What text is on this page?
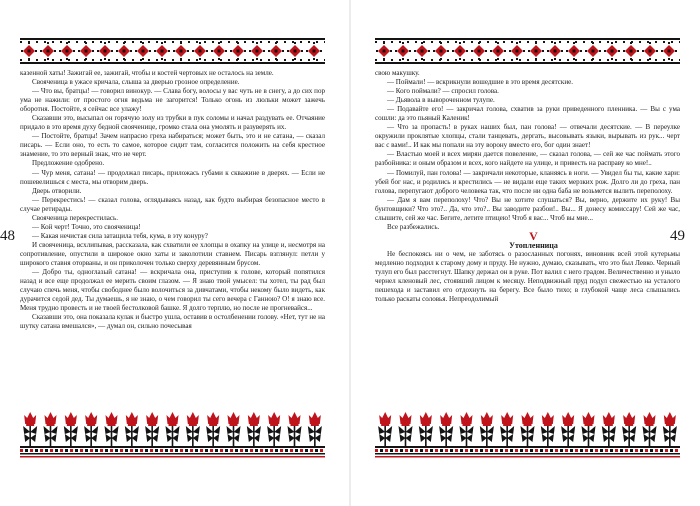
48	49

казенной хаты! Зажигай ее, зажигай, чтобы и костей чертовых не осталось на земле.

Свояченица в ужасе кричала, слыша за дверью грозное определение.

— Что вы, братцы! — говорил винокур. — Слава богу, волосы у вас чуть не в снегу, а до сих пор ума не нажили: от простого огня ведьма не загорится! Только огонь из люльки может зажечь оборотня. Постойте, я сейчас все улажу!

Сказавши это, высыпал он горячую золу из трубки в пук соломы и начал раздувать ее. Отчаяние придало в это время духу бедной свояченице, громко стала она умолять и разуверять их.

— Постойте, братцы! Зачем напрасно греха набираться; может быть, это и не сатана, — сказал писарь. — Если оно, то есть то самое, которое сидит там, согласится положить на себя крестное знамение, то это верный знак, что не черт.

Предложение одобрено.

— Чур меня, сатана! — продолжал писарь, приложась губами к скважине в дверях. — Если не пошевелишься с места, мы отворим дверь.

Дверь отворили.

— Перекрестись! — сказал голова, оглядываясь назад, как будто выбирая безопасное место в случае ретирады.

Свояченица перекрестилась.

— Кой черт! Точно, это свояченица!

— Какая нечистая сила затащила тебя, кума, в эту конуру?

И свояченица, всхлипывая, рассказала, как схватили ее хлопцы в охапку на улице и, несмотря на сопротивление, опустили в широкое окно хаты и заколотили ставнем. Писарь взглянул: петли у широкого ставня оторваны, и он приколочен только сверху деревянным брусом.

— Добро ты, одноглазый сатана! — вскричала она, приступив к голове, который попятился назад и все еще продолжал ее мерить своим глазом. — Я знаю твой умысел: ты хотел, ты рад был случаю спечь меня, чтобы свободнее было волочиться за дивчатами, чтобы некому было видеть, как дурачится седой дед. Ты думаешь, я не знаю, о чем говорил ты сего вечера с Ганною? О! я знаю все. Меня трудно провесть и не твоей бестолковой башке. Я долго терплю, но после не прогневайся...

Сказавши это, она показала кулак и быстро ушла, оставив в остолбенении голову. «Нет, тут не на шутку сатана вмешался», — думал он, сильно почесывая

свою макушку.

— Поймали! — вскрикнули вошедшие в это время десятские.

— Кого поймали? — спросил голова.

— Дьявола в вывороченном тулупе.

— Подавайте его! — закричал голова, схватив за руки приведенного пленника. — Вы с ума сошли: да это пьяный Каленик!

— Что за пропасть! в руках наших был, пан голова! — отвечали десятские. — В переулке окружили проклятые хлопцы, стали танцевать, дергать, высовывать языки, вырывать из рук... черт вас с вами!.. И как мы попали на эту ворону вместо его, бог один знает!

— Властью моей и всех мирян дается повеление, — сказал голова, — сей же час поймать этого разбойника: и оным образом и всех, кого найдете на улице, и привесть на расправу ко мне!..

— Помилуй, пан голова! — закричали некоторые, кланяясь в ноги. — Увидел бы ты, какие хари: убей бог нас, и родились и крестились — не видали еще таких мерзких рож. Долго ли до греха, пан голова, перепугают доброго человека так, что после ни одна баба не возьмется вылить переполоху.

— Дам я вам переполоху! Что? Вы не хотите слушаться? Вы, верно, держите их руку! Вы бунтовщики? Что это?.. Да, что это?.. Вы заводите разбои!.. Вы... Я донесу комиссару! Сей же час, слышите, сей же час. Бегите, летите птицею! Чтоб я вас... Чтоб вы мне...

Все разбежались.

V

Утопленница

Не беспокоясь ни о чем, не заботясь о разосланных погонях, виновник всей этой кутерьмы медленно подходил к старому дому и пруду. Не нужно, думаю, сказывать, что это был Левко. Черный тулуп его был расстегнут. Шапку держал он в руке. Пот валил с него градом. Величественно и уныло чернел кленовый лес, стоявший лицом к месяцу. Неподвижный пруд подул свежестью на усталого пешехода и заставил его отдохнуть на берегу. Все было тихо; в глубокой чаще леса слышались только раскаты соловья. Непреодолимый
